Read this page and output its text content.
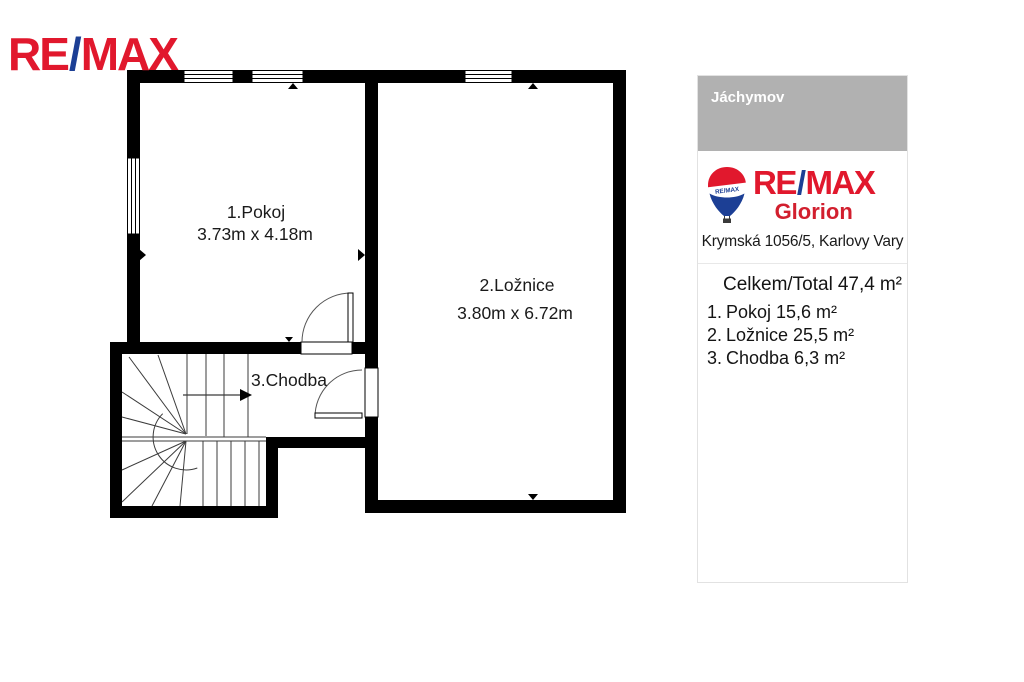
RE/MAX
1.Pokoj
3.73m x 4.18m
2.Ložnice
3.80m x 6.72m
3.Chodba
Jáchymov
RE/MAX RE/MAX
Glorion
Krymská 1056/5, Karlovy Vary
Celkem/Total 47,4 m²
1. Pokoj 15,6 m²
2. Ložnice 25,5 m²
3. Chodba 6,3 m²
